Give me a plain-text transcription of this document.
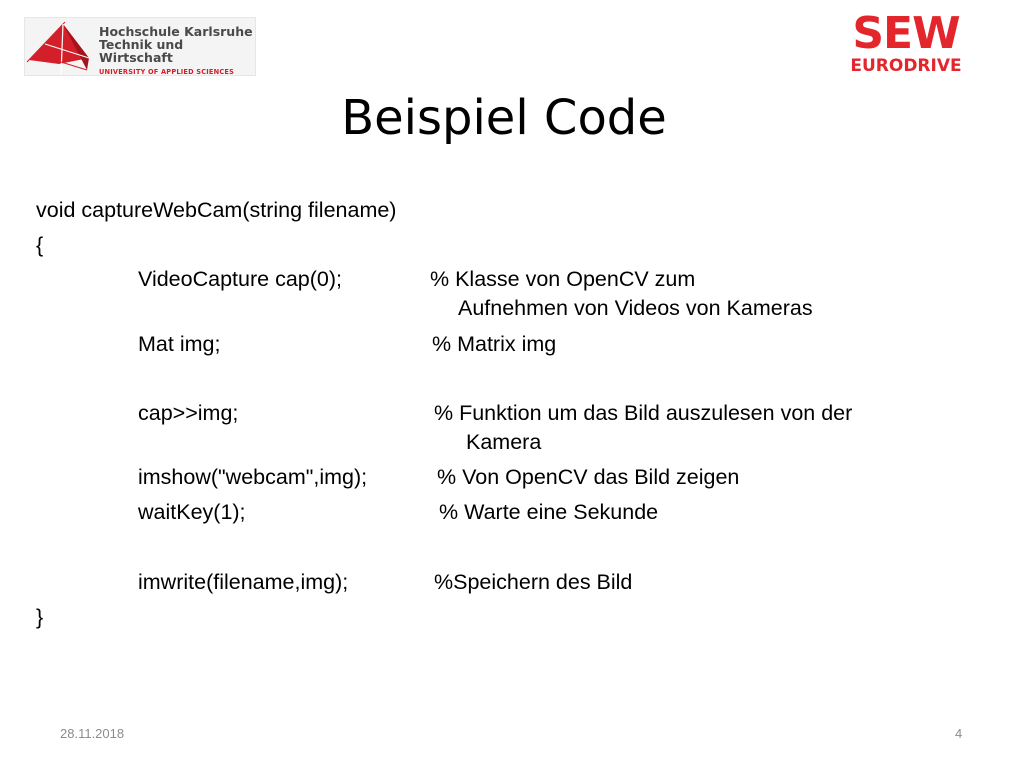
Hochschule Karlsruhe
Technik und Wirtschaft
UNIVERSITY OF APPLIED SCIENCES
SEW
EURODRIVE
Beispiel Code
void captureWebCam(string filename)
{
VideoCapture cap(0);	% Klasse von OpenCV zum
Aufnehmen von Videos von Kameras
Mat img;	% Matrix img
cap>>img;	% Funktion um das Bild auszulesen von der
Kamera
imshow("webcam",img);	% Von OpenCV das Bild zeigen
waitKey(1);	% Warte eine Sekunde
imwrite(filename,img);	%Speichern des Bild
}
28.11.2018	4
